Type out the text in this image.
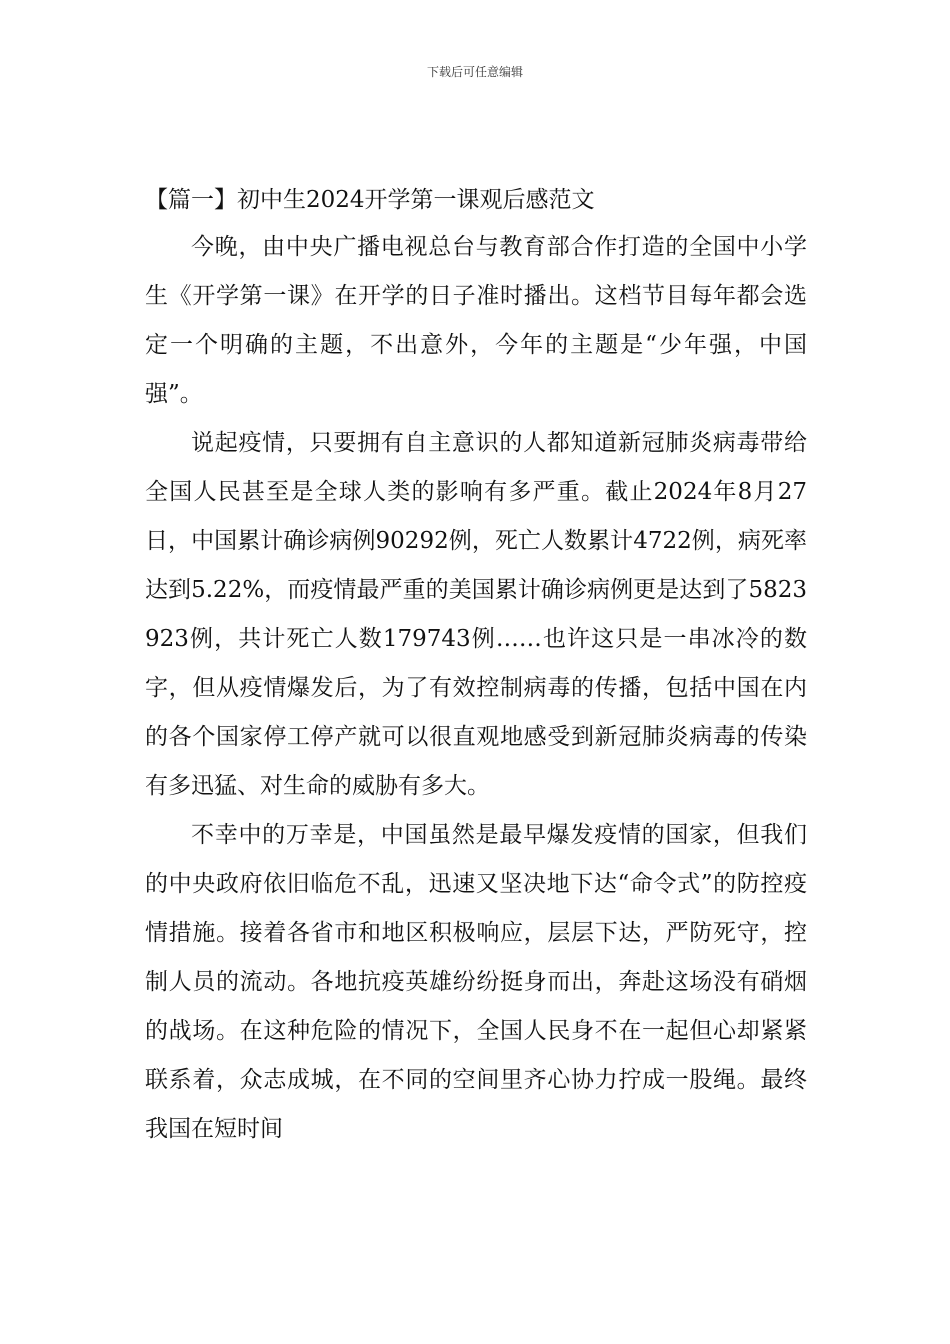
下载后可任意编辑
【篇一】初中生2024开学第一课观后感范文

今晚，由中央广播电视总台与教育部合作打造的全国中小学生《开学第一课》在开学的日子准时播出。这档节目每年都会选定一个明确的主题，不出意外，今年的主题是“少年强，中国强”。

说起疫情，只要拥有自主意识的人都知道新冠肺炎病毒带给全国人民甚至是全球人类的影响有多严重。截止2024年8月27日，中国累计确诊病例90292例，死亡人数累计4722例，病死率达到5.22%，而疫情最严重的美国累计确诊病例更是达到了5823923例，共计死亡人数179743例……也许这只是一串冰冷的数字，但从疫情爆发后，为了有效控制病毒的传播，包括中国在内的各个国家停工停产就可以很直观地感受到新冠肺炎病毒的传染有多迅猛、对生命的威胁有多大。

不幸中的万幸是，中国虽然是最早爆发疫情的国家，但我们的中央政府依旧临危不乱，迅速又坚决地下达“命令式”的防控疫情措施。接着各省市和地区积极响应，层层下达，严防死守，控制人员的流动。各地抗疫英雄纷纷挺身而出，奔赴这场没有硝烟的战场。在这种危险的情况下，全国人民身不在一起但心却紧紧联系着，众志成城，在不同的空间里齐心协力拧成一股绳。最终我国在短时间
